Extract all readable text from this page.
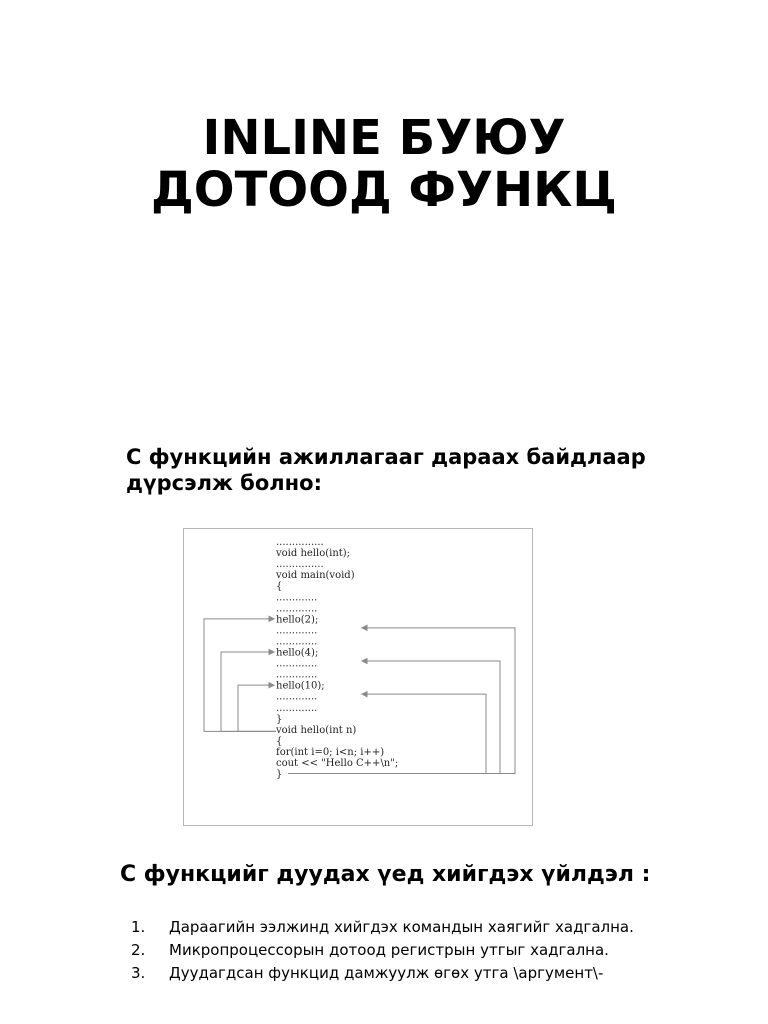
INLINE БУЮУ
ДОТООД ФУНКЦ

С функцийн ажиллагааг дараах байдлаар дүрсэлж болно:

...............
void hello(int);
...............
void main(void)
{
.............
.............
hello(2);
.............
.............
hello(4);
.............
.............
hello(10);
.............
.............
}
void hello(int n)
{
for(int i=0; i<n; i++)
cout << "Hello C++\n";
}
С функцийг дуудах үед хийгдэх үйлдэл :
1. Дараагийн ээлжинд хийгдэх командын хаягийг хадгална.
2. Микропроцессорын дотоод регистрын утгыг хадгална.
3. Дуудагдсан функцид дамжуулж өгөх утга \аргумент\-
